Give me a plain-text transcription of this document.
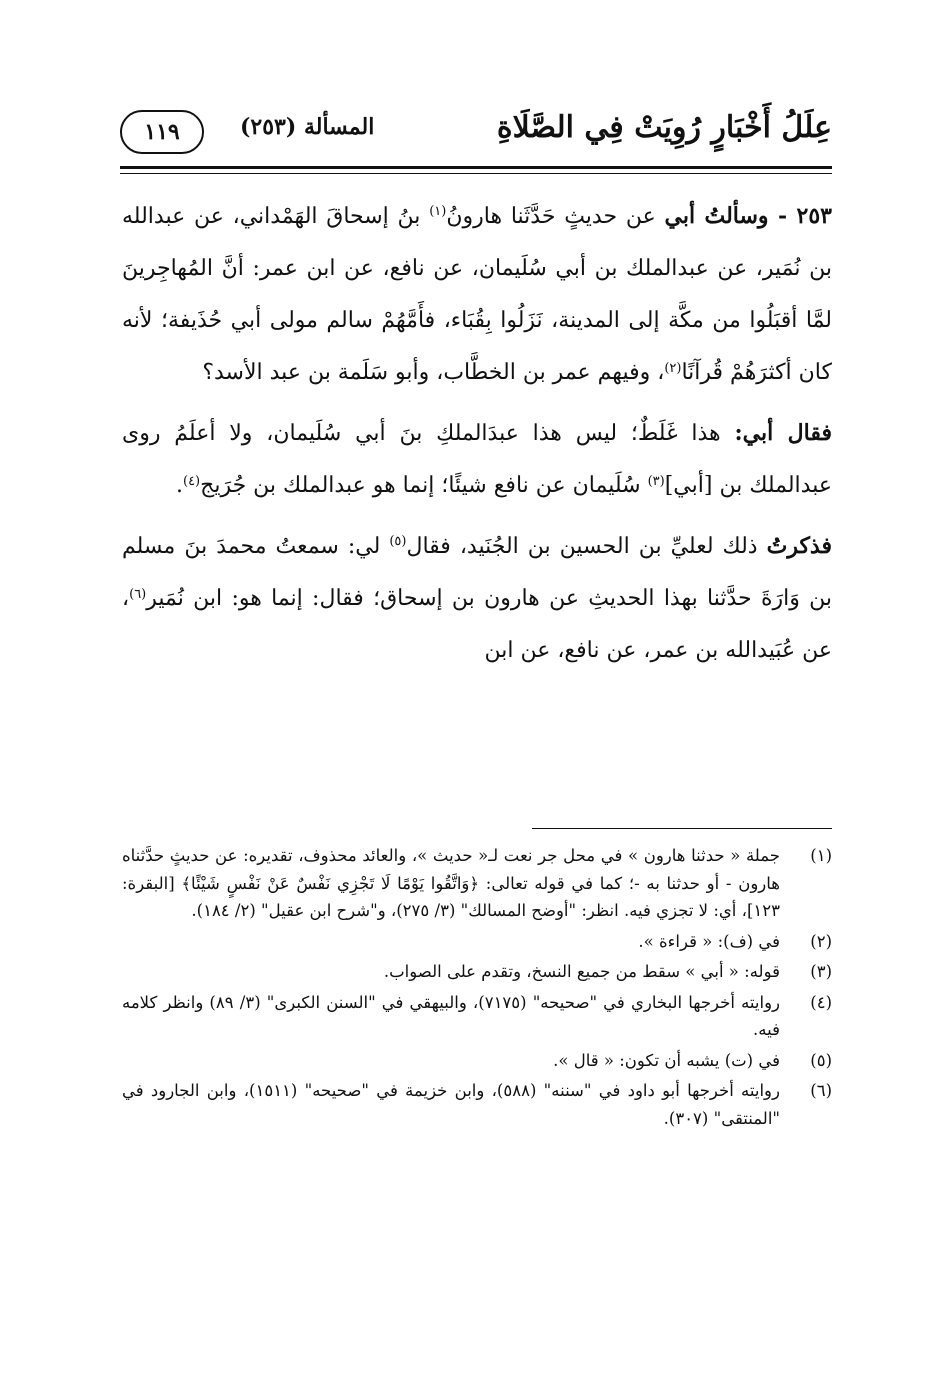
عِلَلُ أَخْبَارٍ رُوِيَتْ فِي الصَّلَاةِ
المسألة (٢٥٣)
١١٩

٢٥٣ - وسألتُ أبي عن حديثٍ حَدَّثَنا هارونُ$^{(١)}$ بنُ إسحاقَ الهَمْداني، عن عبدالله بن نُمَير، عن عبدالملك بن أبي سُلَيمان، عن نافع، عن ابن عمر: أنَّ المُهاجِرينَ لمَّا أقبَلُوا من مكَّة إلى المدينة، نَزَلُوا بِقُبَاء، فأَمَّهُمْ سالم مولى أبي حُذَيفة؛ لأنه كان أكثرَهُمْ قُرآنًا$^{(٢)}$، وفيهم عمر بن الخطَّاب، وأبو سَلَمة بن عبد الأسد؟

فقال أبي: هذا غَلَطٌ؛ ليس هذا عبدَالملكِ بنَ أبي سُلَيمان، ولا أعلَمُ روى عبدالملك بن [أبي]$^{(٣)}$ سُلَيمان عن نافع شيئًا؛ إنما هو عبدالملك بن جُرَيج$^{(٤)}$.

فذكرتُ ذلك لعليِّ بن الحسين بن الجُنَيد، فقال$^{(٥)}$ لي: سمعتُ محمدَ بنَ مسلم بن وَارَةَ حدَّثنا بهذا الحديثِ عن هارون بن إسحاق؛ فقال: إنما هو: ابن نُمَير$^{(٦)}$، عن عُبَيدالله بن عمر، عن نافع، عن ابن

(١)
جملة « حدثنا هارون » في محل جر نعت لـ« حديث »، والعائد محذوف، تقديره: عن حديثٍ حدَّثناه هارون - أو حدثنا به -؛ كما في قوله تعالى: ﴿وَاتَّقُوا يَوْمًا لَا تَجْزِي نَفْسٌ عَنْ نَفْسٍ شَيْئًا﴾ [البقرة: ١٢٣]، أي: لا تجزي فيه. انظر: "أوضح المسالك" (٣/ ٢٧٥)، و"شرح ابن عقيل" (٢/ ١٨٤).

(٢)
في (ف): « قراءة ».

(٣)
قوله: « أبي » سقط من جميع النسخ، وتقدم على الصواب.

(٤)
روايته أخرجها البخاري في "صحيحه" (٧١٧٥)، والبيهقي في "السنن الكبرى" (٣/ ٨٩) وانظر كلامه فيه.

(٥)
في (ت) يشبه أن تكون: « قال ».

(٦)
روايته أخرجها أبو داود في "سننه" (٥٨٨)، وابن خزيمة في "صحيحه" (١٥١١)، وابن الجارود في "المنتقى" (٣٠٧).
